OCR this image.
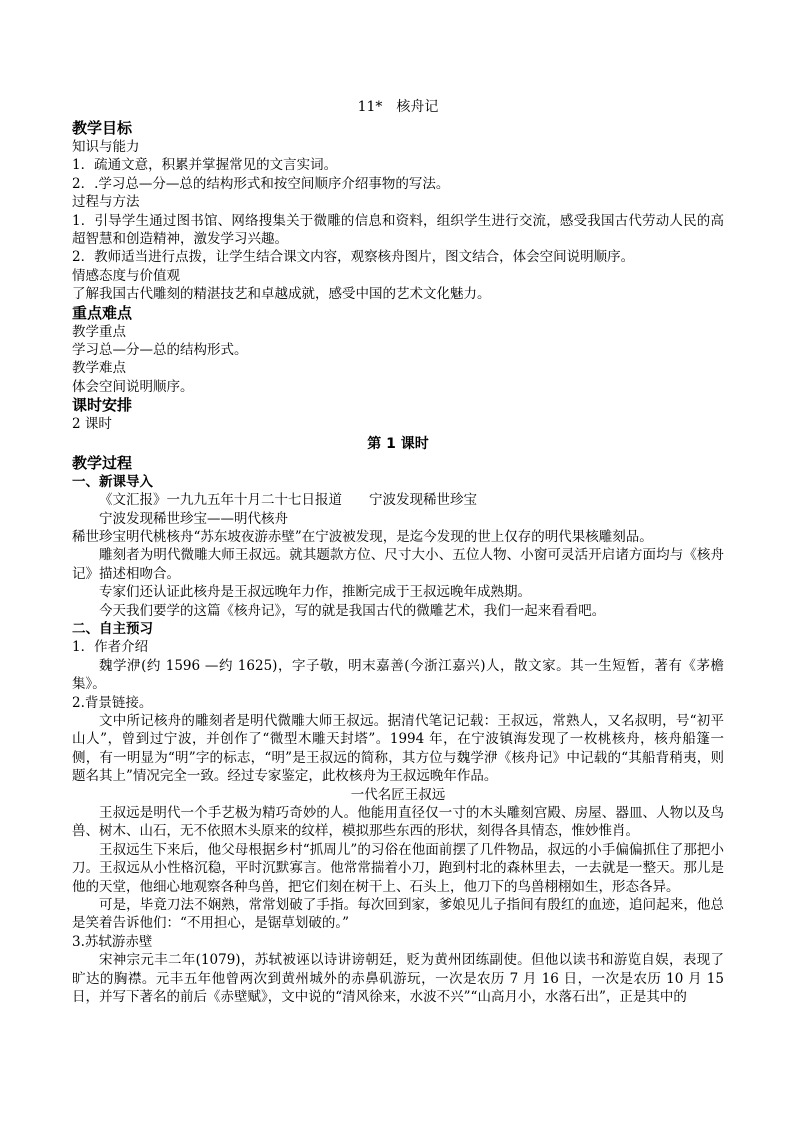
11*　核舟记
教学目标
知识与能力
1．疏通文意，积累并掌握常见的文言实词。
2．.学习总—分—总的结构形式和按空间顺序介绍事物的写法。
过程与方法
1．引导学生通过图书馆、网络搜集关于微雕的信息和资料，组织学生进行交流，感受我国古代劳动人民的高超智慧和创造精神，激发学习兴趣。
2．教师适当进行点拨，让学生结合课文内容，观察核舟图片，图文结合，体会空间说明顺序。
情感态度与价值观
了解我国古代雕刻的精湛技艺和卓越成就，感受中国的艺术文化魅力。
重点难点
教学重点
学习总—分—总的结构形式。
教学难点
体会空间说明顺序。
课时安排
2 课时
第 1 课时
教学过程
一、新课导入
《文汇报》一九九五年十月二十七日报道　　宁波发现稀世珍宝
宁波发现稀世珍宝——明代核舟
稀世珍宝明代桃核舟“苏东坡夜游赤壁”在宁波被发现，是迄今发现的世上仅存的明代果核雕刻品。
雕刻者为明代微雕大师王叔远。就其题款方位、尺寸大小、五位人物、小窗可灵活开启诸方面均与《核舟记》描述相吻合。
专家们还认证此核舟是王叔远晚年力作，推断完成于王叔远晚年成熟期。
今天我们要学的这篇《核舟记》，写的就是我国古代的微雕艺术，我们一起来看看吧。
二、自主预习
1．作者介绍
魏学洢(约 1596 —约 1625)，字子敬，明末嘉善(今浙江嘉兴)人，散文家。其一生短暂，著有《茅檐集》。
2.背景链接。
文中所记核舟的雕刻者是明代微雕大师王叔远。据清代笔记记载：王叔远，常熟人，又名叔明，号“初平山人”，曾到过宁波，并创作了“微型木雕天封塔”。1994 年，在宁波镇海发现了一枚桃核舟，核舟船篷一侧，有一明显为“明”字的标志，“明”是王叔远的简称，其方位与魏学洢《核舟记》中记载的“其船背稍夷，则题名其上”情况完全一致。经过专家鉴定，此枚核舟为王叔远晚年作品。
一代名匠王叔远
王叔远是明代一个手艺极为精巧奇妙的人。他能用直径仅一寸的木头雕刻宫殿、房屋、器皿、人物以及鸟兽、树木、山石，无不依照木头原来的纹样，模拟那些东西的形状，刻得各具情态，惟妙惟肖。
王叔远生下来后，他父母根据乡村“抓周儿”的习俗在他面前摆了几件物品，叔远的小手偏偏抓住了那把小刀。王叔远从小性格沉稳，平时沉默寡言。他常常揣着小刀，跑到村北的森林里去，一去就是一整天。那儿是他的天堂，他细心地观察各种鸟兽，把它们刻在树干上、石头上，他刀下的鸟兽栩栩如生，形态各异。
可是，毕竟刀法不娴熟，常常划破了手指。每次回到家，爹娘见儿子指间有殷红的血迹，追问起来，他总是笑着告诉他们：“不用担心，是锯草划破的。”
3.苏轼游赤壁
宋神宗元丰二年(1079)，苏轼被诬以诗讲谤朝廷，贬为黄州团练副使。但他以读书和游览自娱，表现了旷达的胸襟。元丰五年他曾两次到黄州城外的赤鼻矶游玩，一次是农历 7 月 16 日，一次是农历 10 月 15 日，并写下著名的前后《赤壁赋》，文中说的“清风徐来，水波不兴”“山高月小，水落石出”，正是其中的
